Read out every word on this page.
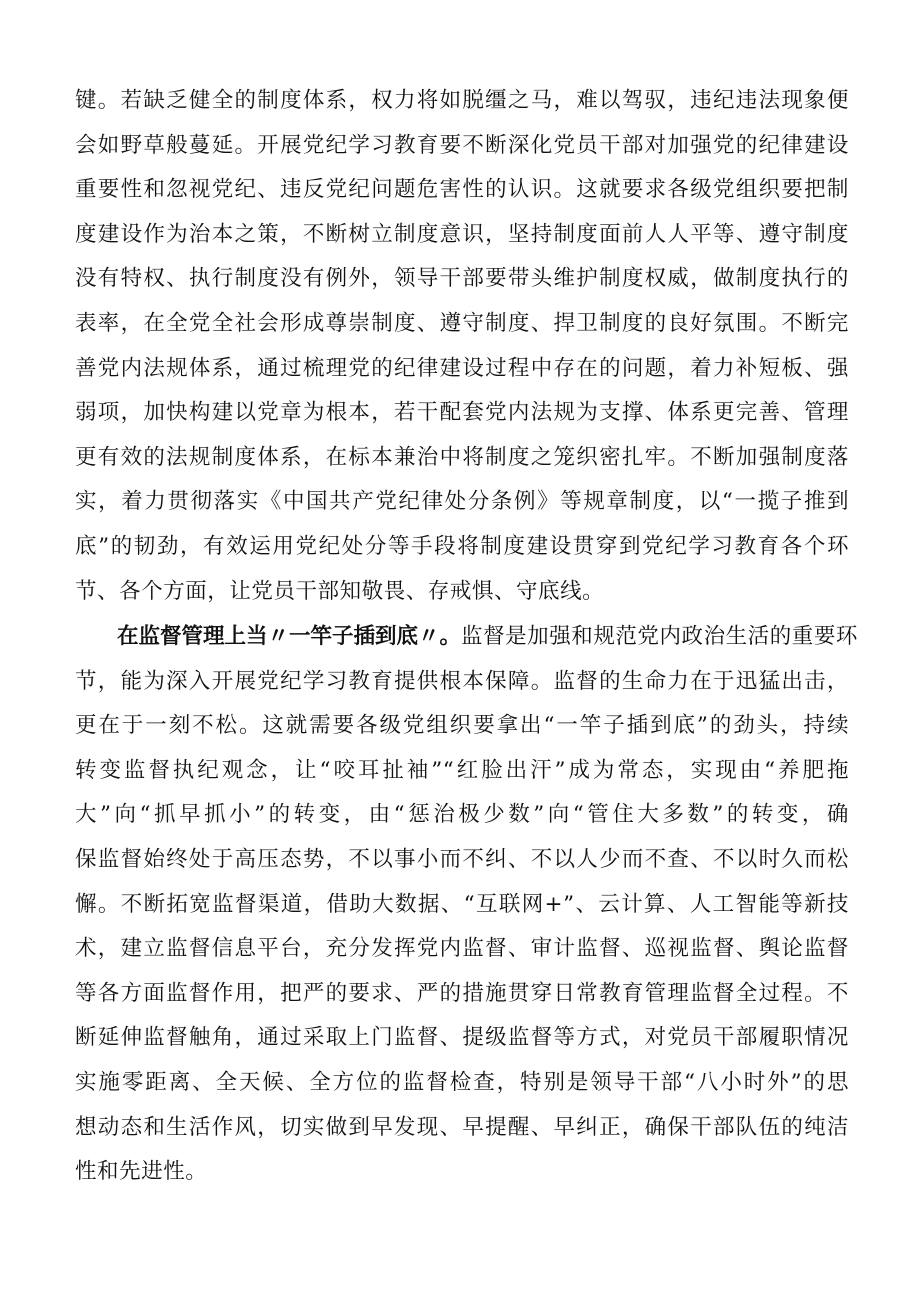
键。若缺乏健全的制度体系，权力将如脱缰之马，难以驾驭，违纪违法现象便
会如野草般蔓延。开展党纪学习教育要不断深化党员干部对加强党的纪律建设
重要性和忽视党纪、违反党纪问题危害性的认识。这就要求各级党组织要把制
度建设作为治本之策，不断树立制度意识，坚持制度面前人人平等、遵守制度
没有特权、执行制度没有例外，领导干部要带头维护制度权威，做制度执行的
表率，在全党全社会形成尊崇制度、遵守制度、捍卫制度的良好氛围。不断完
善党内法规体系，通过梳理党的纪律建设过程中存在的问题，着力补短板、强
弱项，加快构建以党章为根本，若干配套党内法规为支撑、体系更完善、管理
更有效的法规制度体系，在标本兼治中将制度之笼织密扎牢。不断加强制度落
实，着力贯彻落实《中国共产党纪律处分条例》等规章制度，以“一揽子推到
底”的韧劲，有效运用党纪处分等手段将制度建设贯穿到党纪学习教育各个环
节、各个方面，让党员干部知敬畏、存戒惧、守底线。
在监督管理上当〃一竿子插到底〃。监督是加强和规范党内政治生活的重要环
节，能为深入开展党纪学习教育提供根本保障。监督的生命力在于迅猛出击，
更在于一刻不松。这就需要各级党组织要拿出“一竿子插到底”的劲头，持续
转变监督执纪观念，让“咬耳扯袖”“红脸出汗”成为常态，实现由“养肥拖
大”向“抓早抓小”的转变，由“惩治极少数”向“管住大多数”的转变，确
保监督始终处于高压态势，不以事小而不纠、不以人少而不查、不以时久而松
懈。不断拓宽监督渠道，借助大数据、“互联网+”、云计算、人工智能等新技
术，建立监督信息平台，充分发挥党内监督、审计监督、巡视监督、舆论监督
等各方面监督作用，把严的要求、严的措施贯穿日常教育管理监督全过程。不
断延伸监督触角，通过采取上门监督、提级监督等方式，对党员干部履职情况
实施零距离、全天候、全方位的监督检查，特别是领导干部“八小时外”的思
想动态和生活作风，切实做到早发现、早提醒、早纠正，确保干部队伍的纯洁
性和先进性。
